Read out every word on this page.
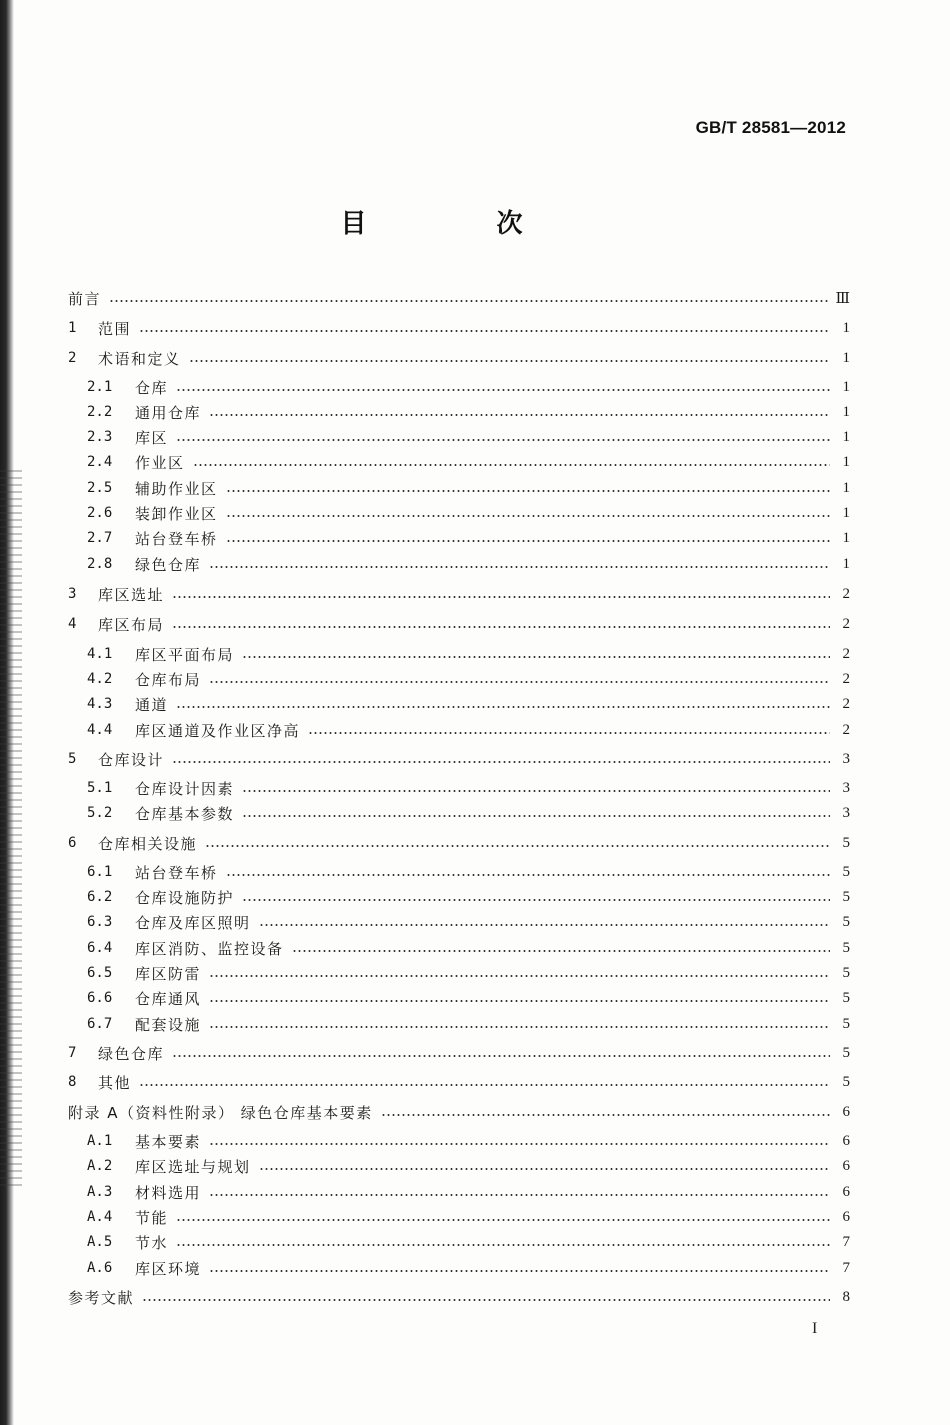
GB/T 28581—2012
目　次
前言	Ⅲ
1	范围	1
2	术语和定义	1
2.1	仓库	1
2.2	通用仓库	1
2.3	库区	1
2.4	作业区	1
2.5	辅助作业区	1
2.6	装卸作业区	1
2.7	站台登车桥	1
2.8	绿色仓库	1
3	库区选址	2
4	库区布局	2
4.1	库区平面布局	2
4.2	仓库布局	2
4.3	通道	2
4.4	库区通道及作业区净高	2
5	仓库设计	3
5.1	仓库设计因素	3
5.2	仓库基本参数	3
6	仓库相关设施	5
6.1	站台登车桥	5
6.2	仓库设施防护	5
6.3	仓库及库区照明	5
6.4	库区消防、监控设备	5
6.5	库区防雷	5
6.6	仓库通风	5
6.7	配套设施	5
7	绿色仓库	5
8	其他	5
附录 A（资料性附录） 绿色仓库基本要素	6
A.1	基本要素	6
A.2	库区选址与规划	6
A.3	材料选用	6
A.4	节能	6
A.5	节水	7
A.6	库区环境	7
参考文献	8
I
